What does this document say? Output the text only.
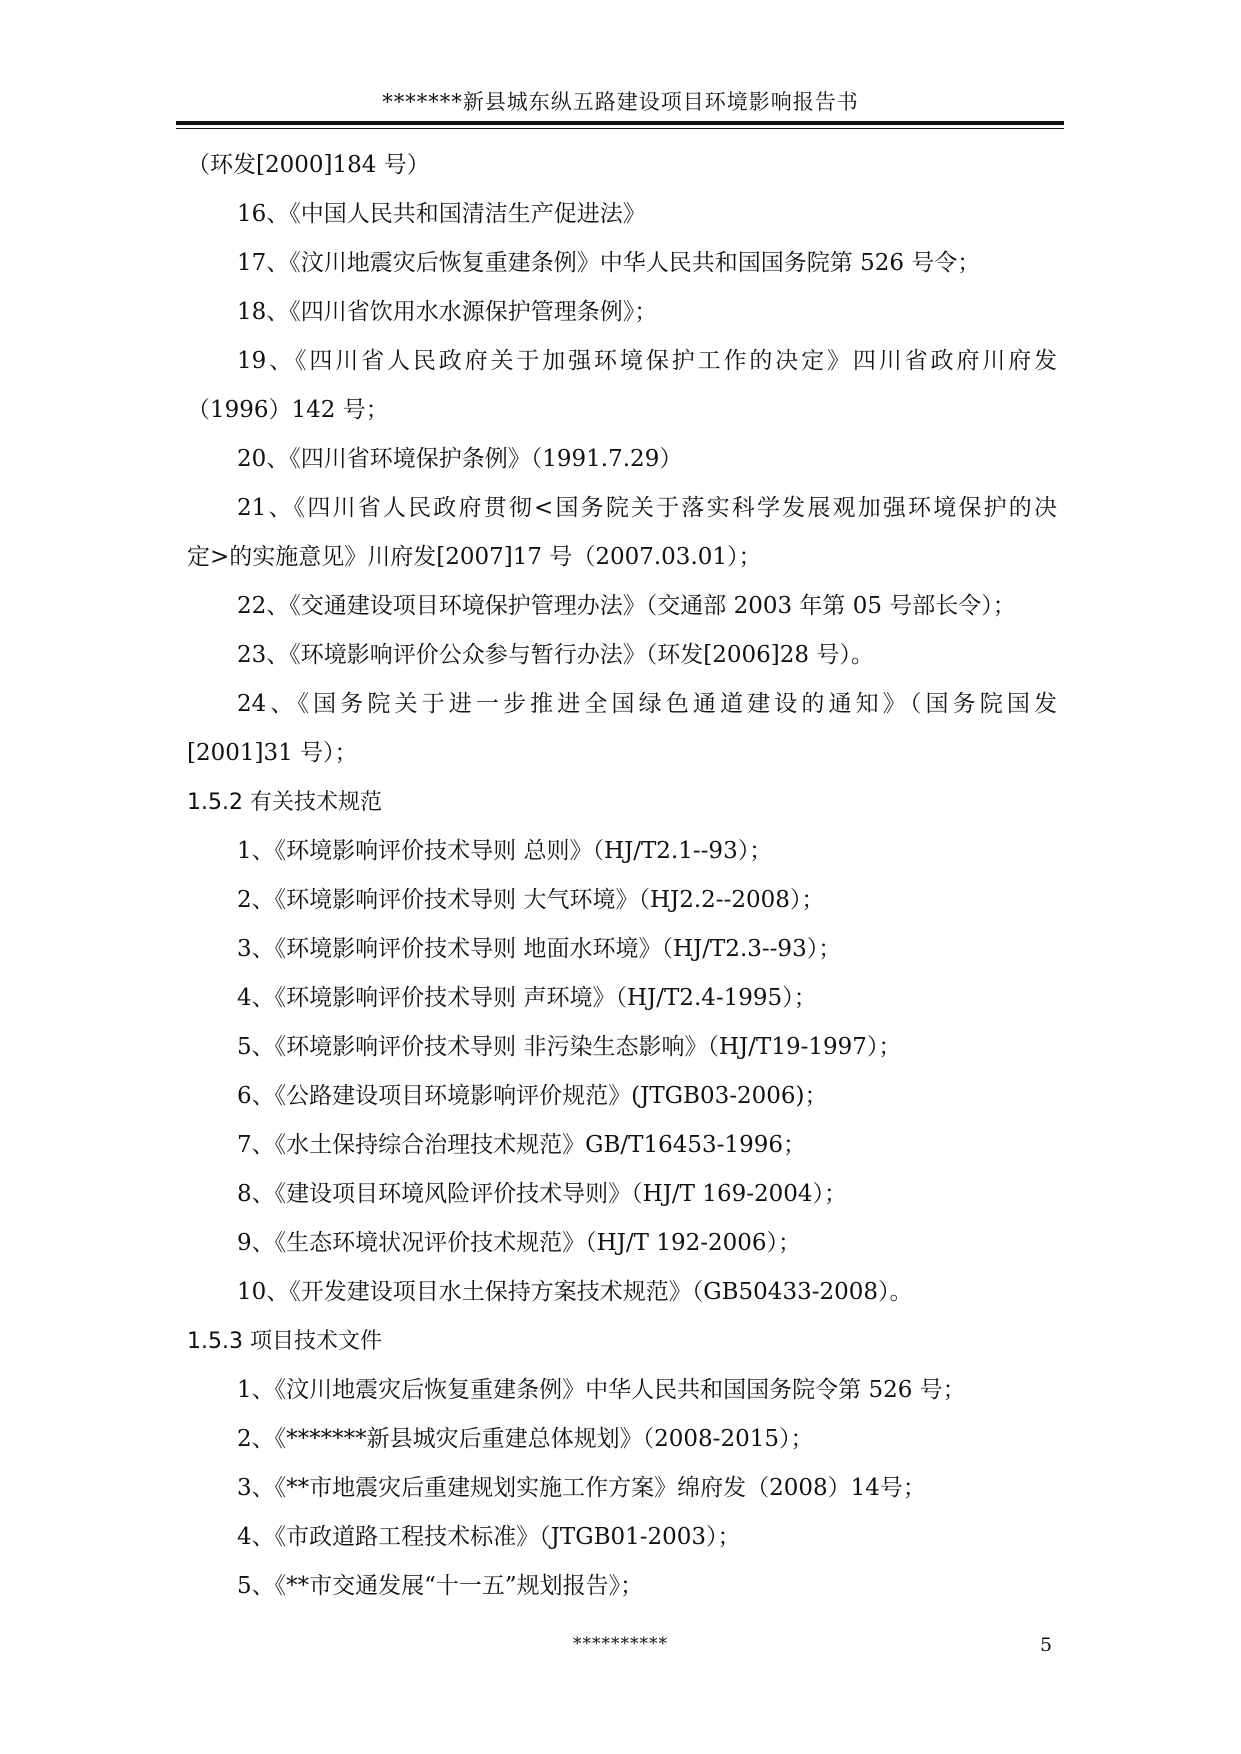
*******新县城东纵五路建设项目环境影响报告书
（环发[2000]184 号）
16、《中国人民共和国清洁生产促进法》
17、《汶川地震灾后恢复重建条例》中华人民共和国国务院第 526 号令；
18、《四川省饮用水水源保护管理条例》；
19、《四川省人民政府关于加强环境保护工作的决定》四川省政府川府发
（1996）142 号；
20、《四川省环境保护条例》（1991.7.29）
21、《四川省人民政府贯彻<国务院关于落实科学发展观加强环境保护的决
定>的实施意见》川府发[2007]17 号（2007.03.01）；
22、《交通建设项目环境保护管理办法》（交通部 2003 年第 05 号部长令）；
23、《环境影响评价公众参与暂行办法》（环发[2006]28 号）。
24、《国务院关于进一步推进全国绿色通道建设的通知》（国务院国发
[2001]31 号）；
1.5.2 有关技术规范
1、《环境影响评价技术导则 总则》（HJ/T2.1--93）；
2、《环境影响评价技术导则 大气环境》（HJ2.2--2008）；
3、《环境影响评价技术导则 地面水环境》（HJ/T2.3--93）；
4、《环境影响评价技术导则 声环境》（HJ/T2.4-1995）；
5、《环境影响评价技术导则 非污染生态影响》（HJ/T19-1997）；
6、《公路建设项目环境影响评价规范》(JTGB03-2006)；
7、《水土保持综合治理技术规范》GB/T16453-1996；
8、《建设项目环境风险评价技术导则》（HJ/T 169-2004）；
9、《生态环境状况评价技术规范》（HJ/T 192-2006）；
10、《开发建设项目水土保持方案技术规范》（GB50433-2008）。
1.5.3 项目技术文件
1、《汶川地震灾后恢复重建条例》中华人民共和国国务院令第 526 号；
2、《*******新县城灾后重建总体规划》（2008-2015）；
3、《**市地震灾后重建规划实施工作方案》绵府发（2008）14号；
4、《市政道路工程技术标准》（JTGB01-2003）；
5、《**市交通发展“十一五”规划报告》；
**********	5
